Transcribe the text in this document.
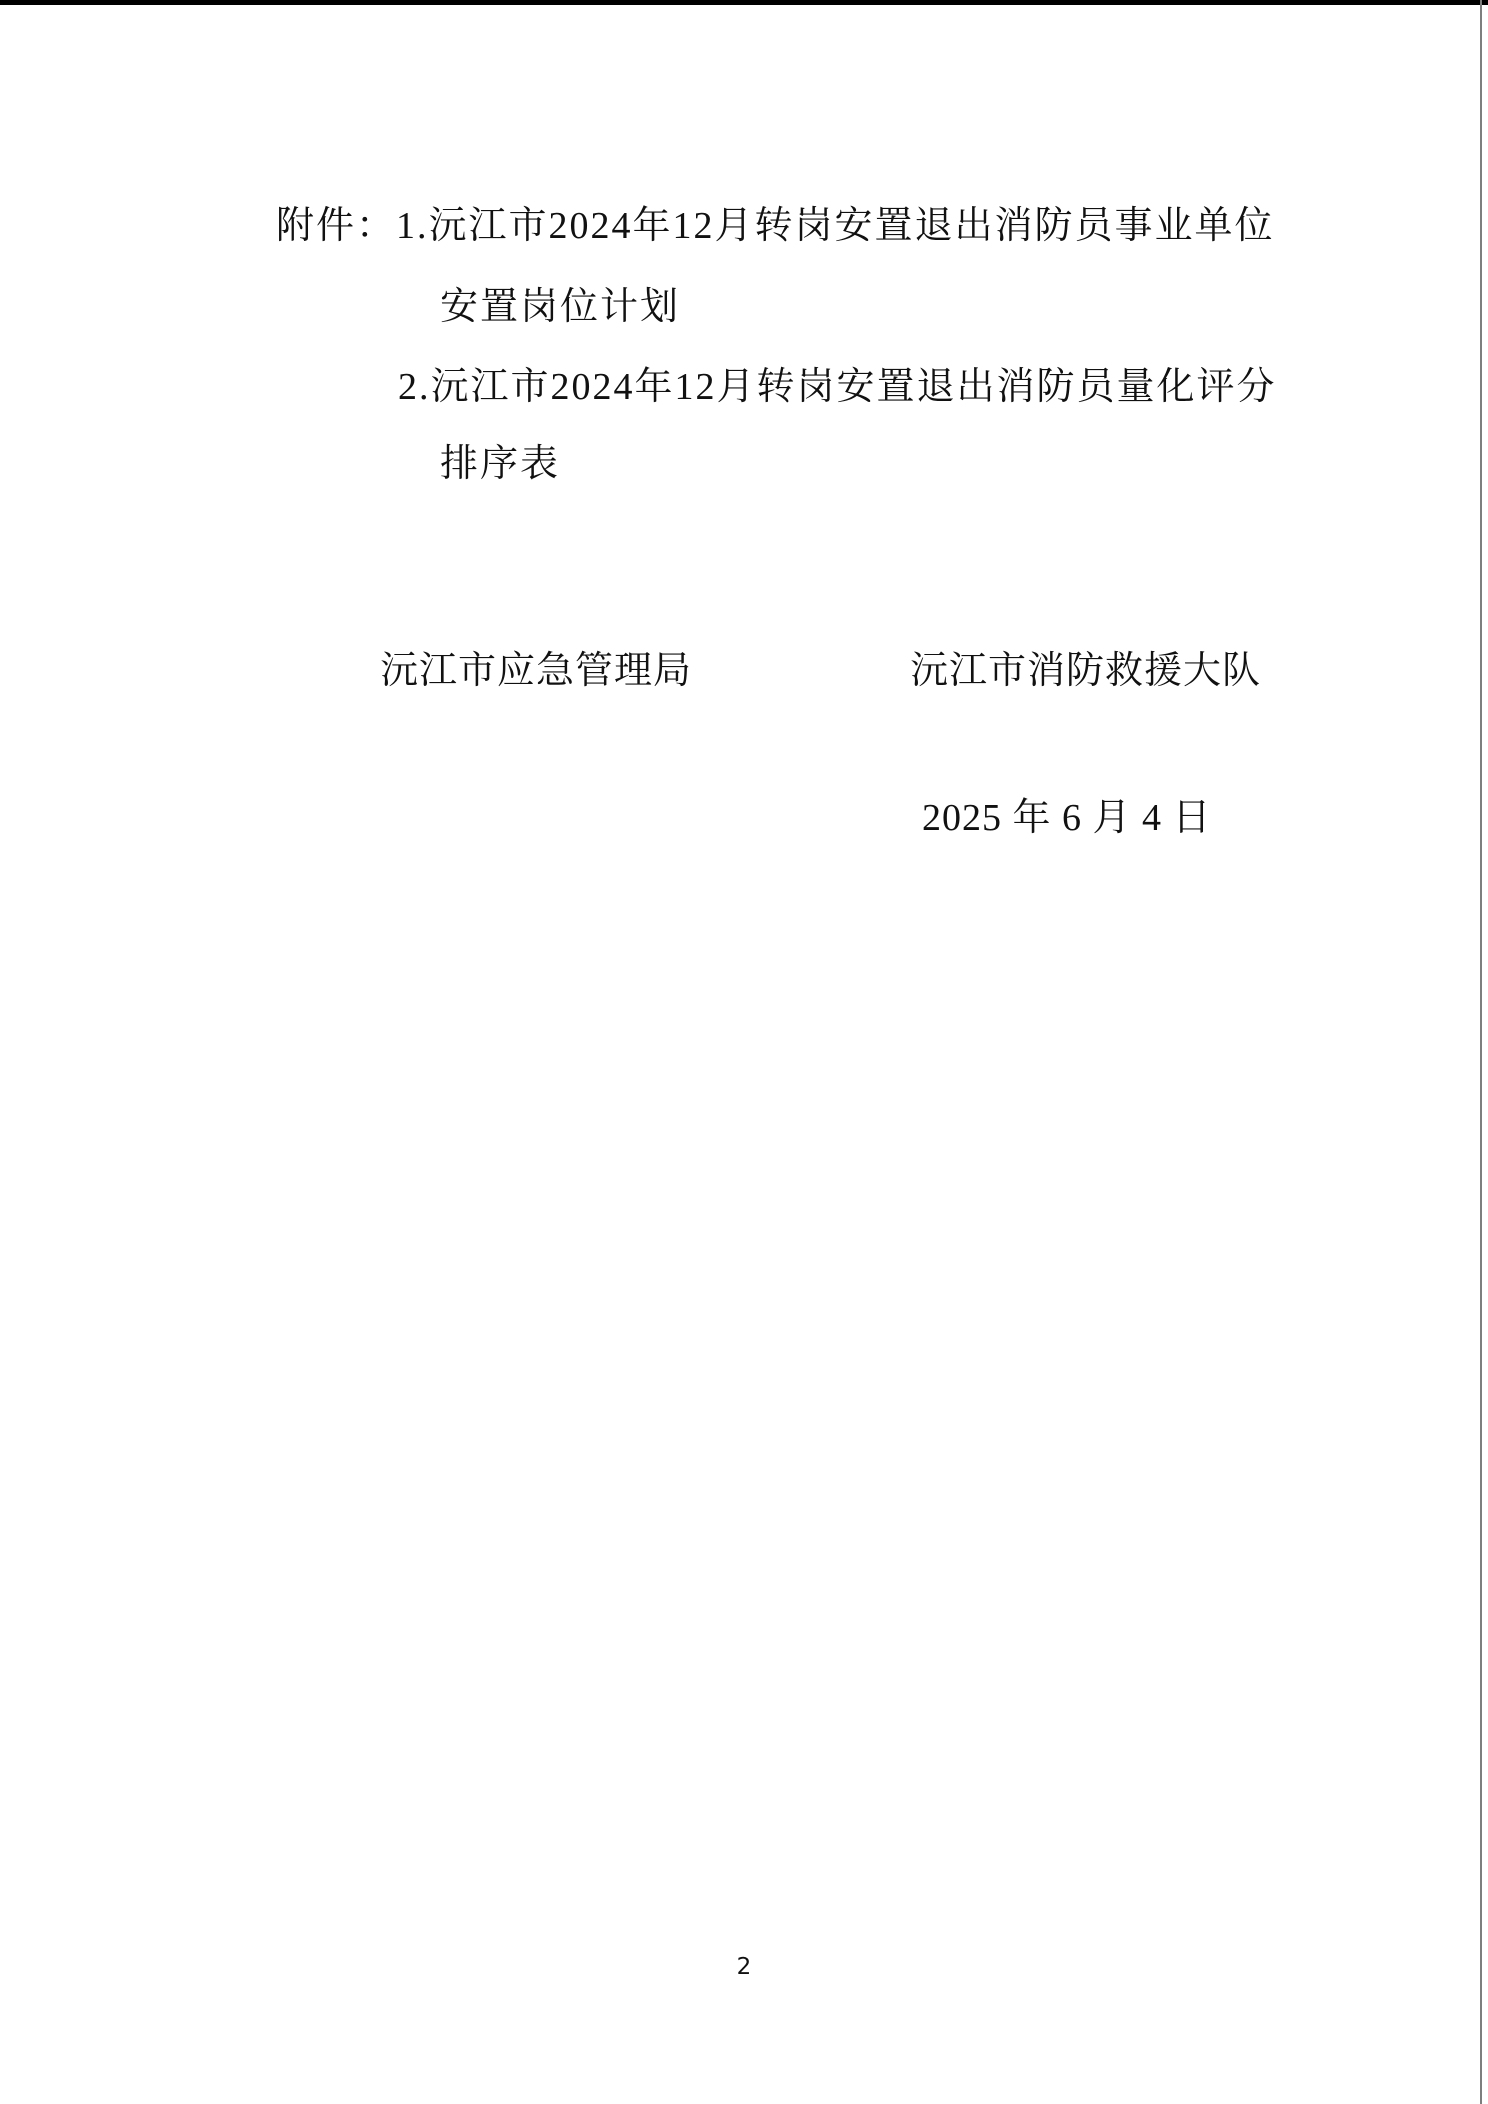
附件：1.沅江市2024年12月转岗安置退出消防员事业单位
安置岗位计划
2.沅江市2024年12月转岗安置退出消防员量化评分
排序表
沅江市应急管理局	沅江市消防救援大队
2025 年 6 月 4 日
2
